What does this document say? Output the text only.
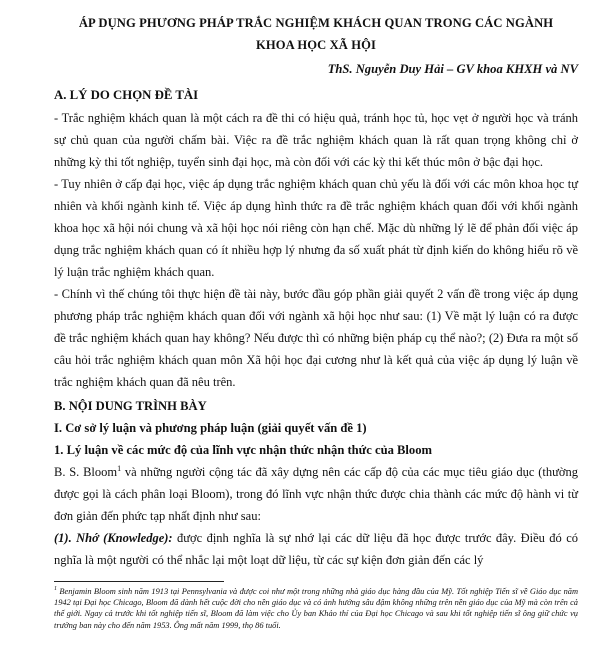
ÁP DỤNG PHƯƠNG PHÁP TRẮC NGHIỆM KHÁCH QUAN TRONG CÁC NGÀNH
KHOA HỌC XÃ HỘI
ThS. Nguyễn Duy Hải – GV khoa KHXH và NV
A. LÝ DO CHỌN ĐỀ TÀI

- Trắc nghiệm khách quan là một cách ra đề thi có hiệu quả, tránh học tủ, học vẹt ở người học và tránh sự chủ quan của người chấm bài. Việc ra đề trắc nghiệm khách quan là rất quan trọng không chỉ ở những kỳ thi tốt nghiệp, tuyển sinh đại học, mà còn đối với các kỳ thi kết thúc môn ở bậc đại học.

- Tuy nhiên ở cấp đại học, việc áp dụng trắc nghiệm khách quan chủ yếu là đối với các môn khoa học tự nhiên và khối ngành kinh tế. Việc áp dụng hình thức ra đề trắc nghiệm khách quan đối với khối ngành khoa học xã hội nói chung và xã hội học nói riêng còn hạn chế. Mặc dù những lý lẽ để phản đối việc áp dụng trắc nghiệm khách quan có ít nhiều hợp lý nhưng đa số xuất phát từ định kiến do không hiểu rõ về lý luận trắc nghiệm khách quan.

- Chính vì thế chúng tôi thực hiện đề tài này, bước đầu góp phần giải quyết 2 vấn đề trong việc áp dụng phương pháp trắc nghiệm khách quan đối với ngành xã hội học như sau: (1) Về mặt lý luận có ra được đề trắc nghiệm khách quan hay không? Nếu được thì có những biện pháp cụ thể nào?; (2) Đưa ra một số câu hỏi trắc nghiệm khách quan môn Xã hội học đại cương như là kết quả của việc áp dụng lý luận về trắc nghiệm khách quan đã nêu trên.

B. NỘI DUNG TRÌNH BÀY
I. Cơ sở lý luận và phương pháp luận (giải quyết vấn đề 1)
1. Lý luận về các mức độ của lĩnh vực nhận thức nhận thức của Bloom

B. S. Bloom$^1$ và những người cộng tác đã xây dựng nên các cấp độ của các mục tiêu giáo dục (thường được gọi là cách phân loại Bloom), trong đó lĩnh vực nhận thức được chia thành các mức độ hành vi từ đơn giản đến phức tạp nhất định như sau:

(1). Nhớ (Knowledge): được định nghĩa là sự nhớ lại các dữ liệu đã học được trước đây. Điều đó có nghĩa là một người có thể nhắc lại một loạt dữ liệu, từ các sự kiện đơn giản đến các lý

$^1$ Benjamin Bloom sinh năm 1913 tại Pennsylvania và được coi như một trong những nhà giáo dục hàng đầu của Mỹ. Tốt nghiệp Tiến sĩ về Giáo dục năm 1942 tại Đại học Chicago, Bloom đã dành hết cuộc đời cho nền giáo dục và có ảnh hưởng sâu đậm không những trên nền giáo dục của Mỹ mà còn trên cả thế giới. Ngay cả trước khi tốt nghiệp tiến sĩ, Bloom đã làm việc cho Ủy ban Khảo thí của Đại học Chicago và sau khi tốt nghiệp tiến sĩ ông giữ chức vụ trưởng ban này cho đến năm 1953. Ông mất năm 1999, thọ 86 tuổi.
